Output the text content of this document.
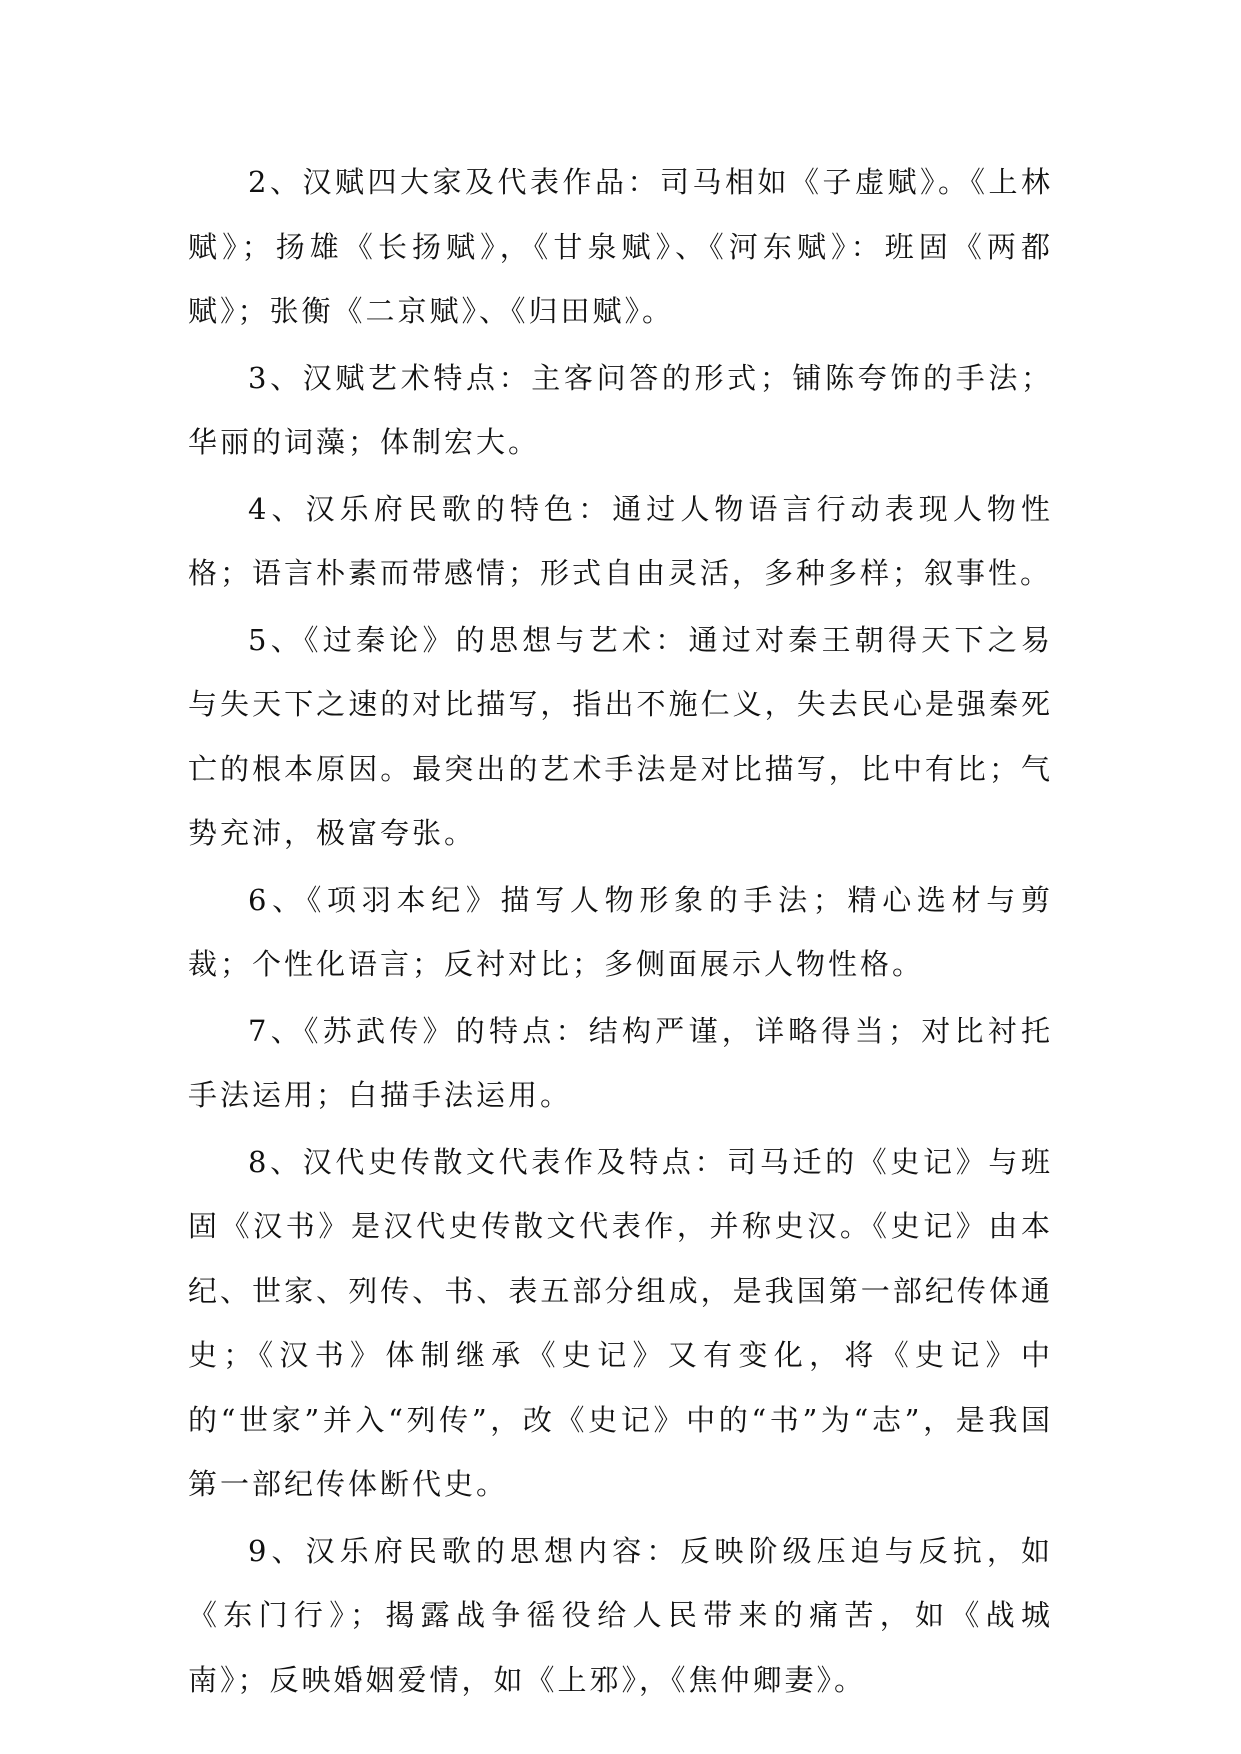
2、汉赋四大家及代表作品：司马相如《子虚赋》。《上林赋》；扬雄《长扬赋》，《甘泉赋》、《河东赋》：班固《两都赋》；张衡《二京赋》、《归田赋》。

3、汉赋艺术特点：主客问答的形式；铺陈夸饰的手法；华丽的词藻；体制宏大。

4、汉乐府民歌的特色：通过人物语言行动表现人物性格；语言朴素而带感情；形式自由灵活，多种多样；叙事性。

5、《过秦论》的思想与艺术：通过对秦王朝得天下之易与失天下之速的对比描写，指出不施仁义，失去民心是强秦死亡的根本原因。最突出的艺术手法是对比描写，比中有比；气势充沛，极富夸张。

6、《项羽本纪》描写人物形象的手法；精心选材与剪裁；个性化语言；反衬对比；多侧面展示人物性格。

7、《苏武传》的特点：结构严谨，详略得当；对比衬托手法运用；白描手法运用。

8、汉代史传散文代表作及特点：司马迁的《史记》与班固《汉书》是汉代史传散文代表作，并称史汉。《史记》由本纪、世家、列传、书、表五部分组成，是我国第一部纪传体通史；《汉书》体制继承《史记》又有变化，将《史记》中的“世家”并入“列传”，改《史记》中的“书”为“志”，是我国第一部纪传体断代史。

9、汉乐府民歌的思想内容：反映阶级压迫与反抗，如《东门行》；揭露战争徭役给人民带来的痛苦，如《战城南》；反映婚姻爱情，如《上邪》，《焦仲卿妻》。
